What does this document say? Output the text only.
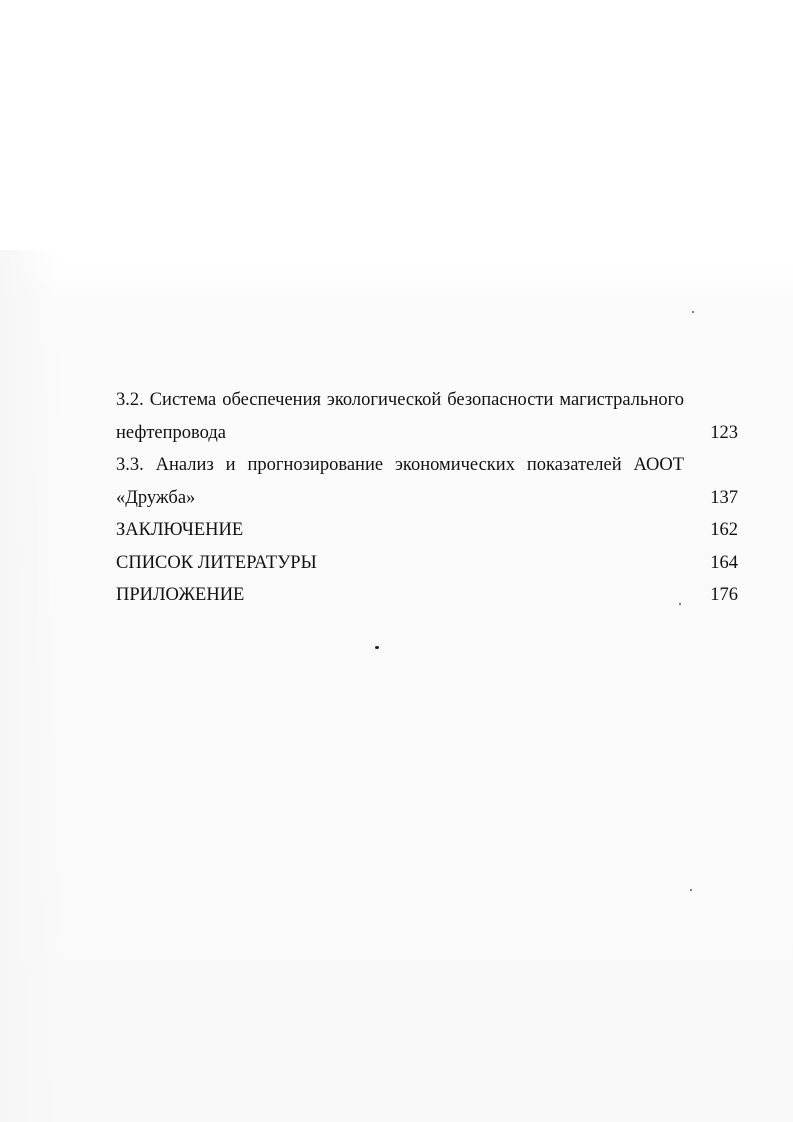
3.2. Система обеспечения экологической безопасности магистрального
нефтепровода	123
3.3. Анализ и прогнозирование экономических показателей АООТ
«Дружба»	137
ЗАКЛЮЧЕНИЕ	162
СПИСОК ЛИТЕРАТУРЫ	164
ПРИЛОЖЕНИЕ	176
